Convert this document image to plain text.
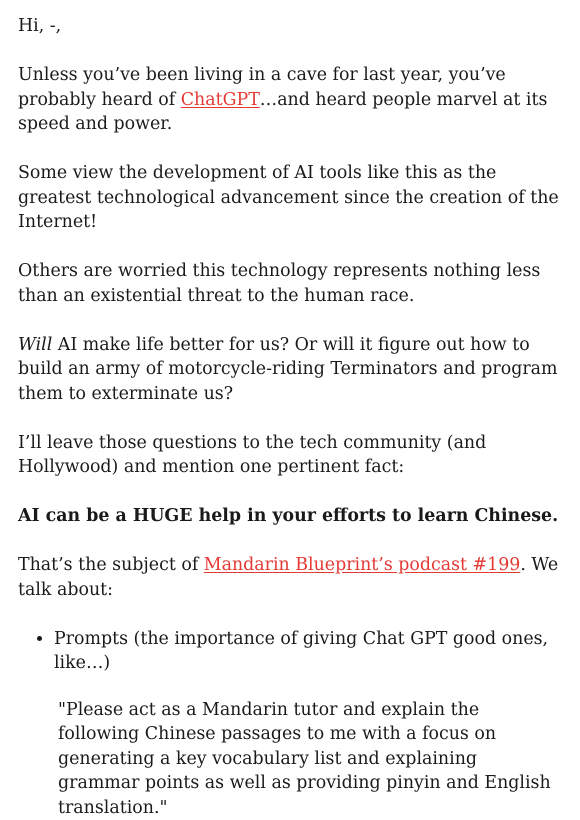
Hi, -,

Unless you’ve been living in a cave for last year, you’ve probably heard of ChatGPT…and heard people marvel at its speed and power.

Some view the development of AI tools like this as the greatest technological advancement since the creation of the Internet!

Others are worried this technology represents nothing less than an existential threat to the human race.

Will AI make life better for us? Or will it figure out how to build an army of motorcycle-riding Terminators and program them to exterminate us?

I’ll leave those questions to the tech community (and Hollywood) and mention one pertinent fact:

AI can be a HUGE help in your efforts to learn Chinese.

That’s the subject of Mandarin Blueprint’s podcast #199. We talk about:

• Prompts (the importance of giving Chat GPT good ones, like…)

"Please act as a Mandarin tutor and explain the following Chinese passages to me with a focus on generating a key vocabulary list and explaining grammar points as well as providing pinyin and English translation."
